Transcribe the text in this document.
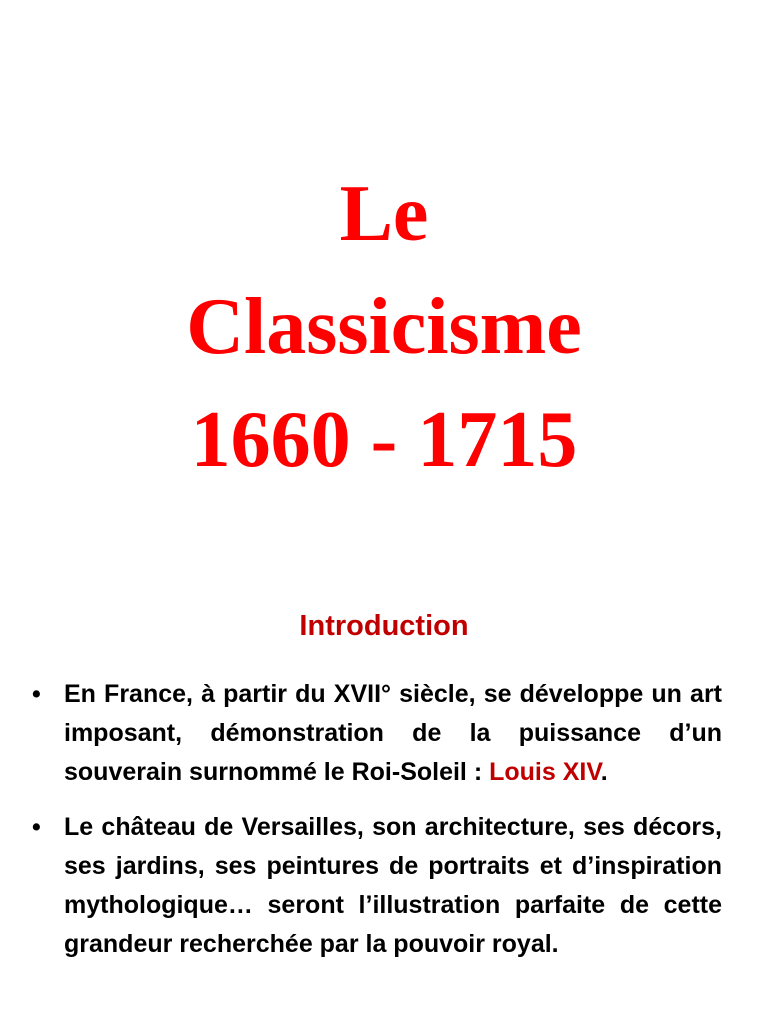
Le
Classicisme
1660 - 1715
Introduction
• En France, à partir du XVII° siècle, se développe un art imposant, démonstration de la puissance d’un souverain surnommé le Roi-Soleil : Louis XIV.
• Le château de Versailles, son architecture, ses décors, ses jardins, ses peintures de portraits et d’inspiration mythologique… seront l’illustration parfaite de cette grandeur recherchée par la pouvoir royal.
